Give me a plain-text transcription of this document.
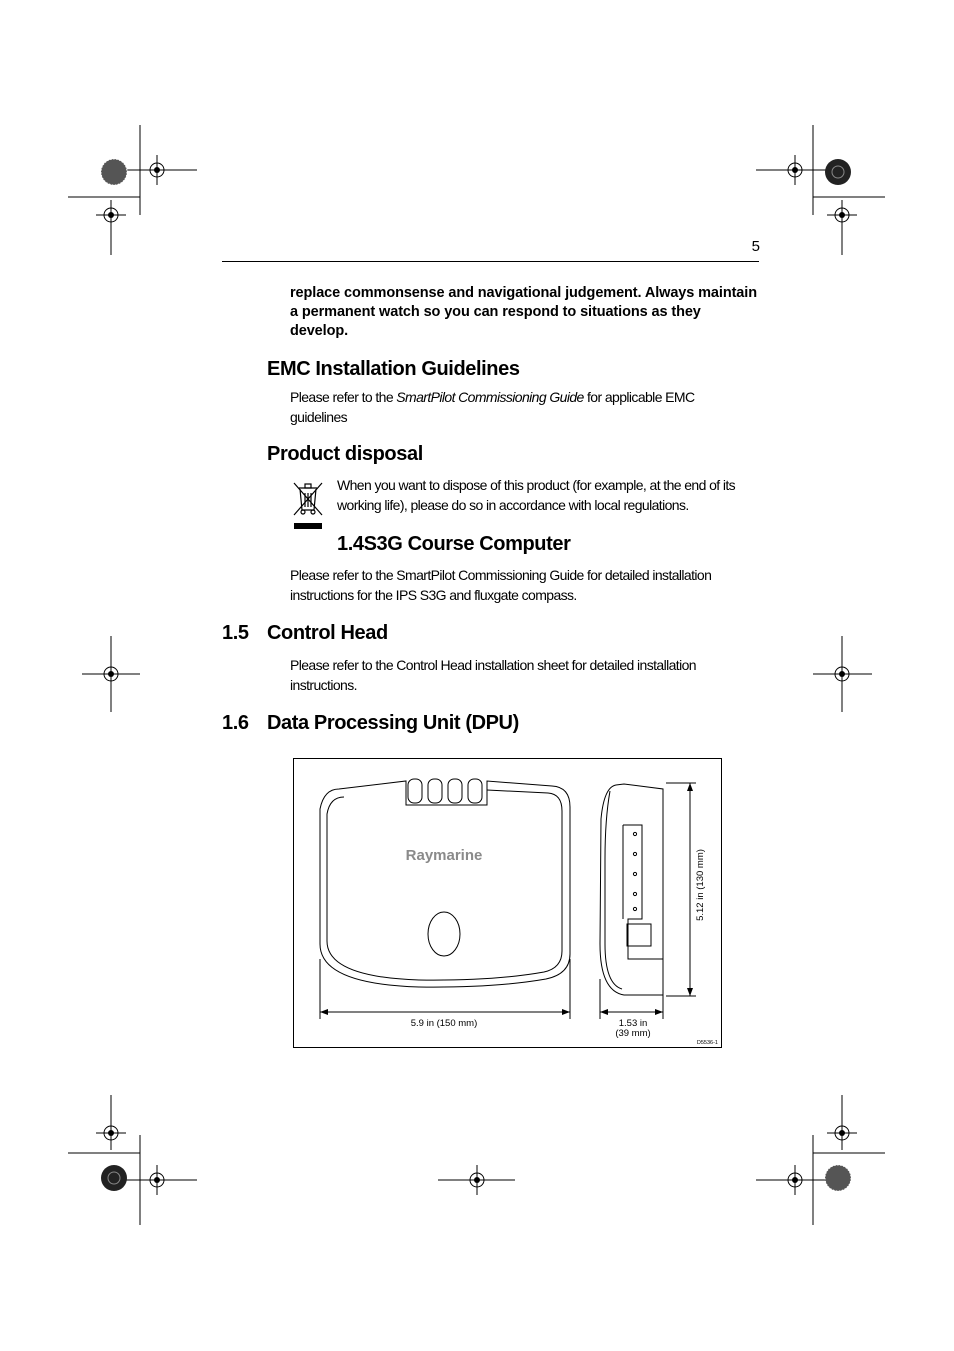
5
replace commonsense and navigational judgement. Always maintain a permanent watch so you can respond to situations as they develop.
EMC Installation Guidelines
Please refer to the SmartPilot Commissioning Guide for applicable EMC guidelines
Product disposal
When you want to dispose of this product (for example, at the end of its working life), please do so in accordance with local regulations.
1.4S3G Course Computer
Please refer to the SmartPilot Commissioning Guide for detailed installation instructions for the IPS S3G and fluxgate compass.
1.5 Control Head
Please refer to the Control Head installation sheet for detailed installation instructions.
1.6 Data Processing Unit (DPU)
Raymarine
5.9 in (150 mm)	1.53 in
(39 mm)
5.12 in (130 mm)
D5536-1
